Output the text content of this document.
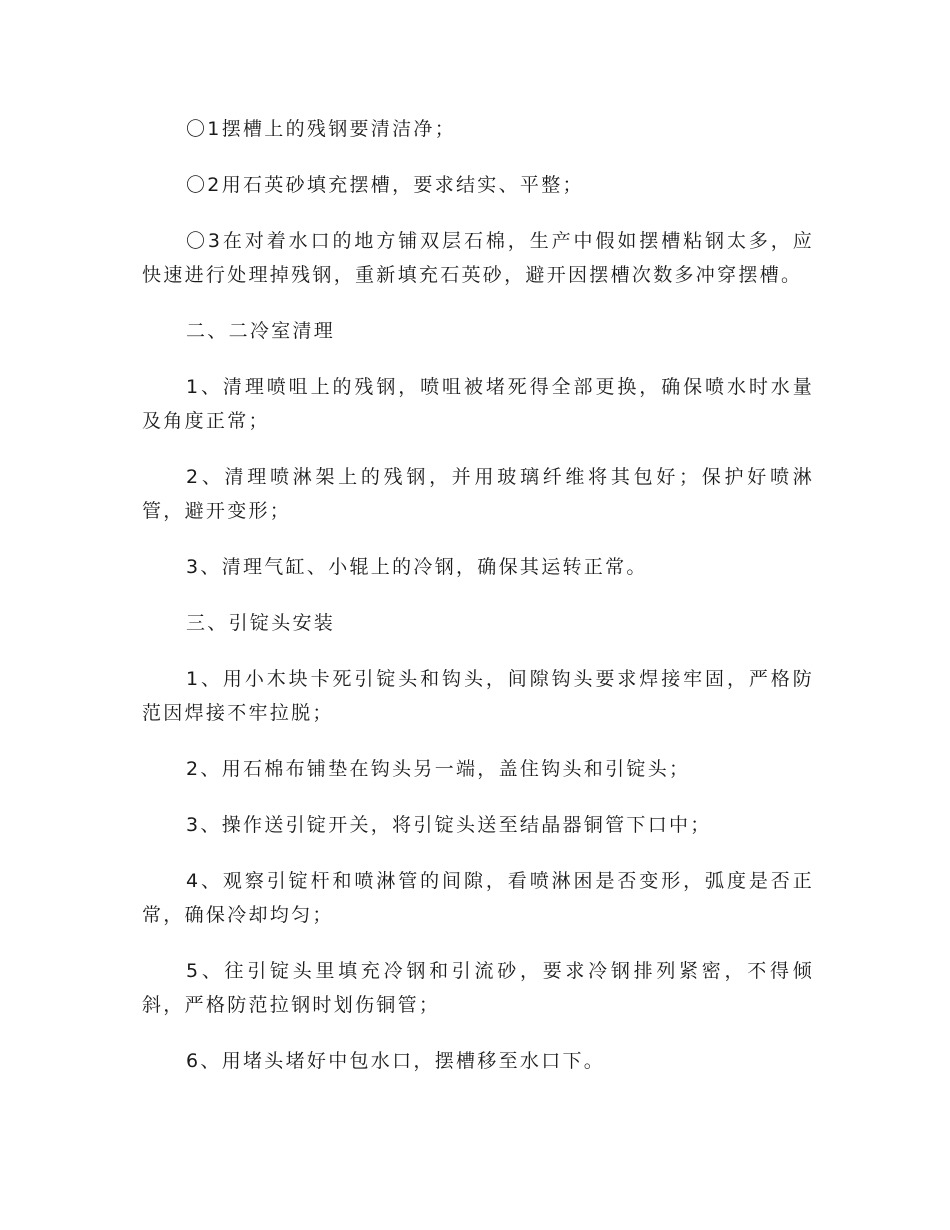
〇1摆槽上的残钢要清洁净；

〇2用石英砂填充摆槽，要求结实、平整；

〇3在对着水口的地方铺双层石棉，生产中假如摆槽粘钢太多，应快速进行处理掉残钢，重新填充石英砂，避开因摆槽次数多冲穿摆槽。

二、二冷室清理

1、清理喷咀上的残钢，喷咀被堵死得全部更换，确保喷水时水量及角度正常；

2、清理喷淋架上的残钢，并用玻璃纤维将其包好；保护好喷淋管，避开变形；

3、清理气缸、小辊上的冷钢，确保其运转正常。

三、引锭头安装

1、用小木块卡死引锭头和钩头，间隙钩头要求焊接牢固，严格防范因焊接不牢拉脱；

2、用石棉布铺垫在钩头另一端，盖住钩头和引锭头；

3、操作送引锭开关，将引锭头送至结晶器铜管下口中；

4、观察引锭杆和喷淋管的间隙，看喷淋困是否变形，弧度是否正常，确保冷却均匀；

5、往引锭头里填充冷钢和引流砂，要求冷钢排列紧密，不得倾斜，严格防范拉钢时划伤铜管；

6、用堵头堵好中包水口，摆槽移至水口下。
